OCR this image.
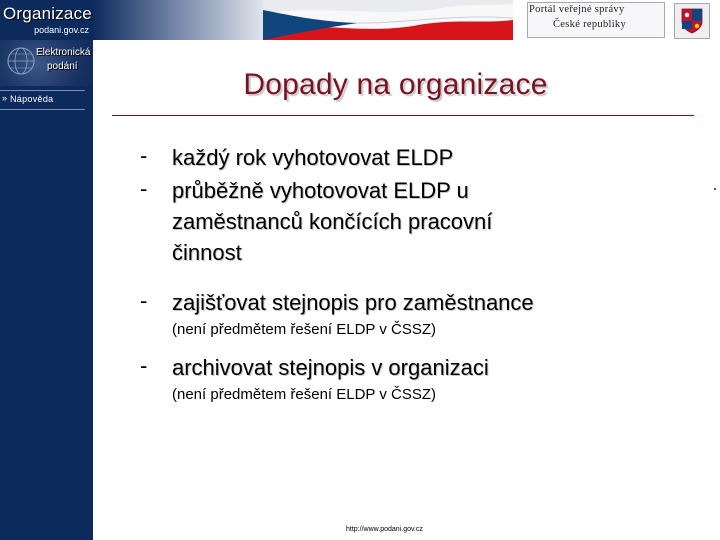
Organizace
podani.gov.cz
Portál veřejné správy
České republiky
Elektronická
podání
» Nápověda	Dopady na organizace
- každý rok vyhotovovat ELDP
- průběžně vyhotovovat ELDP u
zaměstnanců končících pracovní
činnost
- zajišťovat stejnopis pro zaměstnance
(není předmětem řešení ELDP v ČSSZ)
- archivovat stejnopis v organizaci
(není předmětem řešení ELDP v ČSSZ)
http://www.podani.gov.cz
